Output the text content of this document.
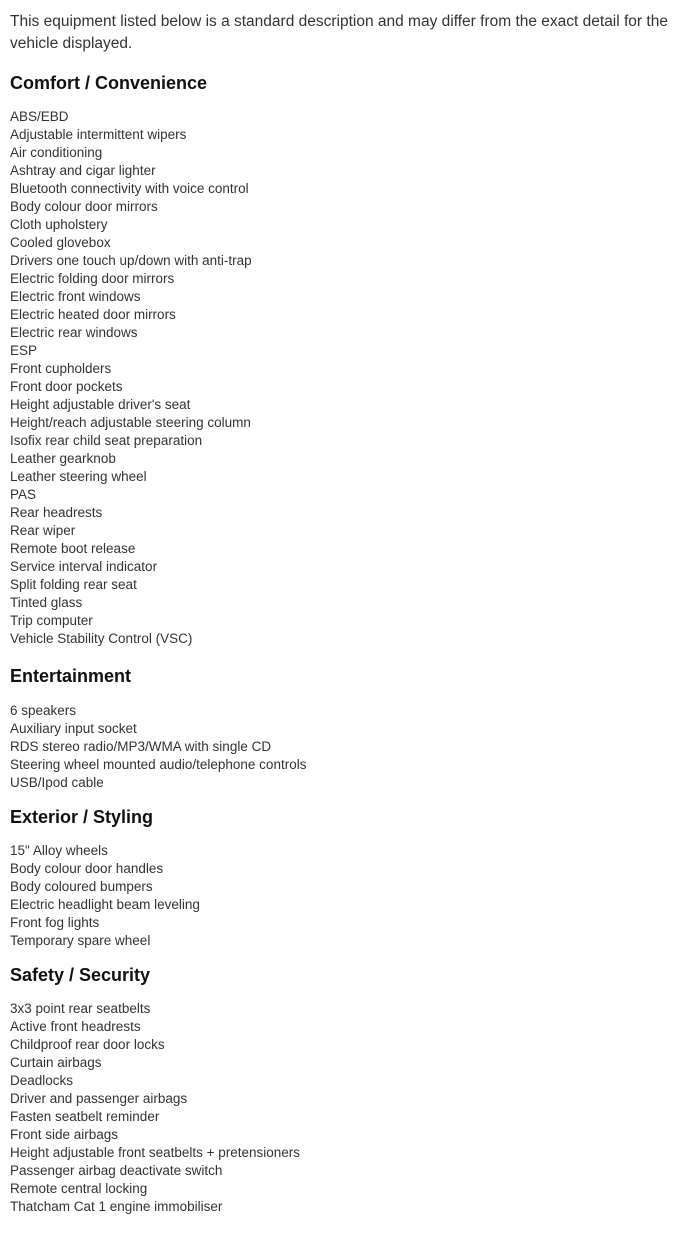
This equipment listed below is a standard description and may differ from the exact detail for the vehicle displayed.

Comfort / Convenience
ABS/EBD
Adjustable intermittent wipers
Air conditioning
Ashtray and cigar lighter
Bluetooth connectivity with voice control
Body colour door mirrors
Cloth upholstery
Cooled glovebox
Drivers one touch up/down with anti-trap
Electric folding door mirrors
Electric front windows
Electric heated door mirrors
Electric rear windows
ESP
Front cupholders
Front door pockets
Height adjustable driver's seat
Height/reach adjustable steering column
Isofix rear child seat preparation
Leather gearknob
Leather steering wheel
PAS
Rear headrests
Rear wiper
Remote boot release
Service interval indicator
Split folding rear seat
Tinted glass
Trip computer
Vehicle Stability Control (VSC)
Entertainment
6 speakers
Auxiliary input socket
RDS stereo radio/MP3/WMA with single CD
Steering wheel mounted audio/telephone controls
USB/Ipod cable
Exterior / Styling
15" Alloy wheels
Body colour door handles
Body coloured bumpers
Electric headlight beam leveling
Front fog lights
Temporary spare wheel
Safety / Security
3x3 point rear seatbelts
Active front headrests
Childproof rear door locks
Curtain airbags
Deadlocks
Driver and passenger airbags
Fasten seatbelt reminder
Front side airbags
Height adjustable front seatbelts + pretensioners
Passenger airbag deactivate switch
Remote central locking
Thatcham Cat 1 engine immobiliser
